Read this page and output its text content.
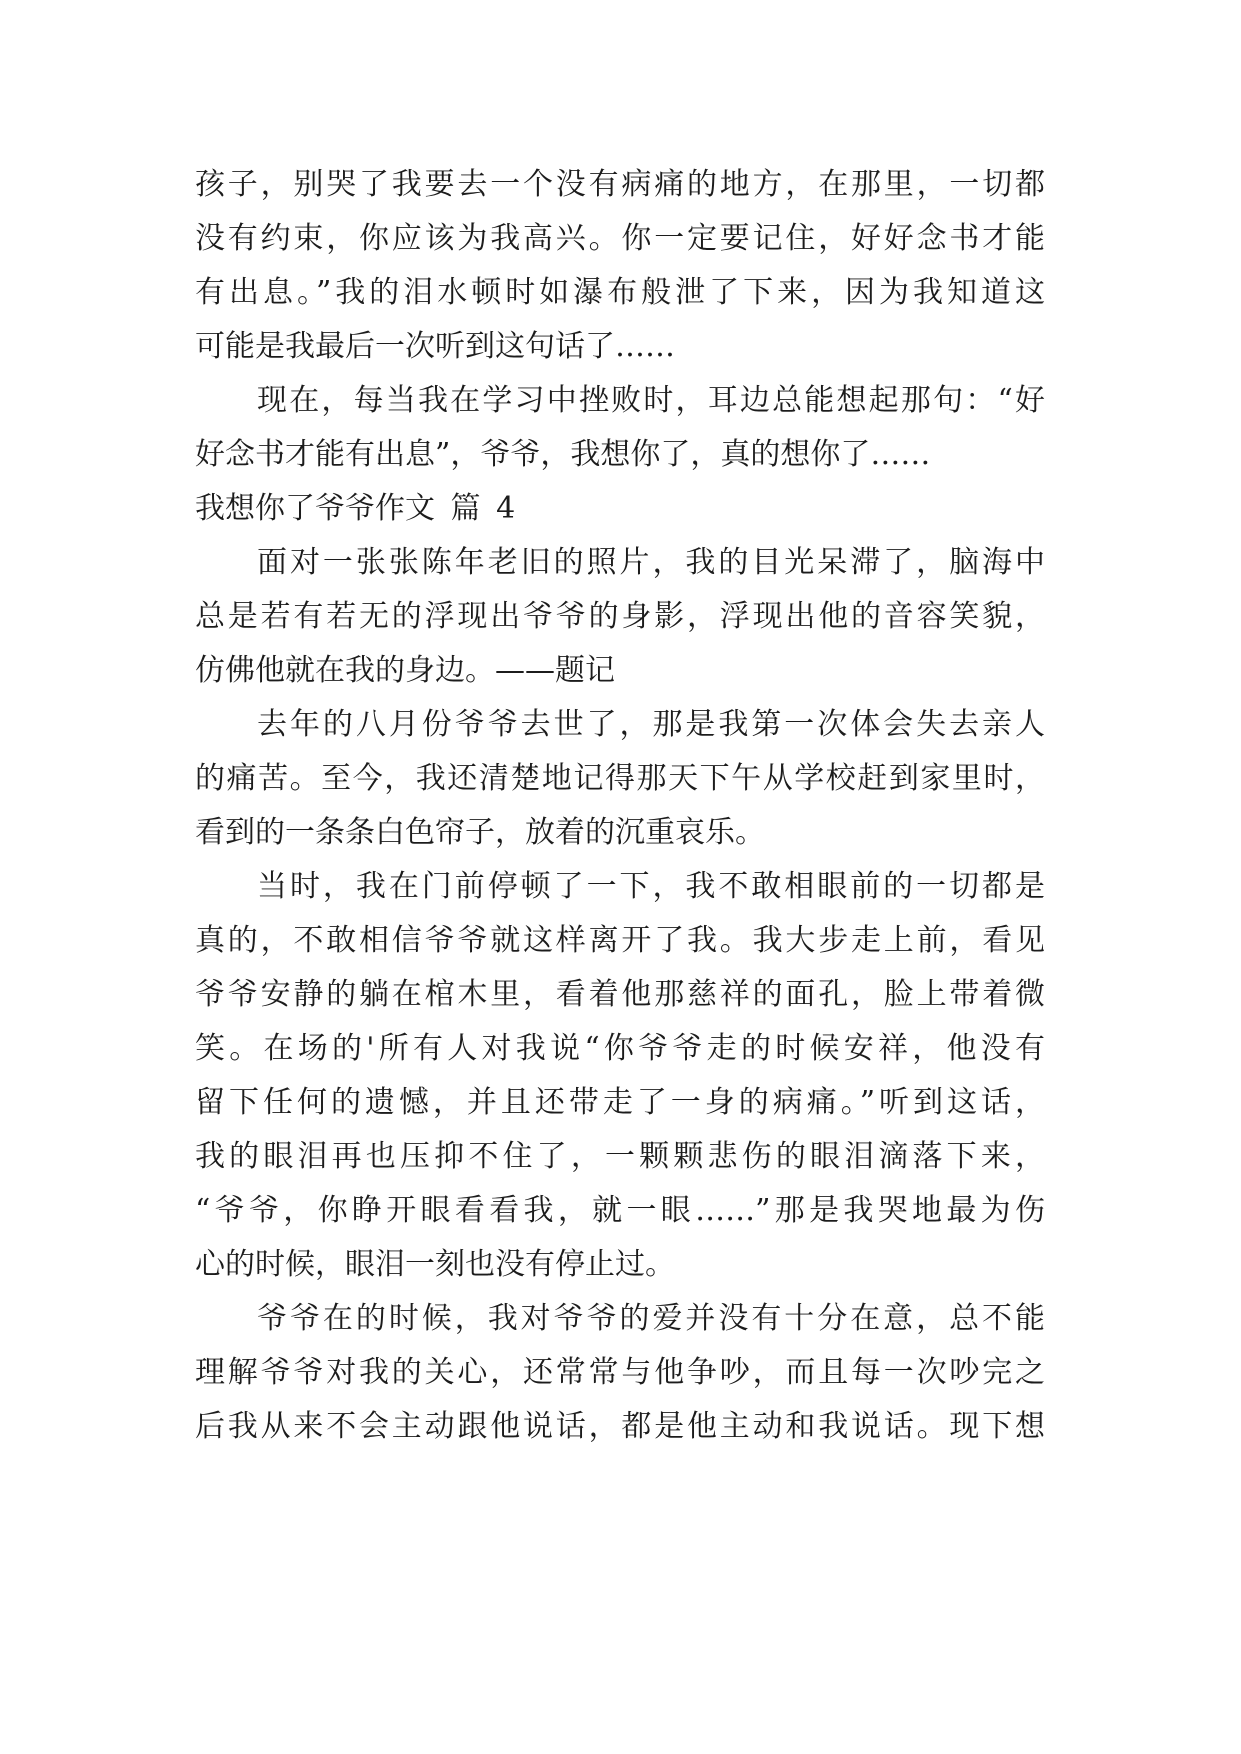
孩子，别哭了我要去一个没有病痛的地方，在那里，一切都
没有约束，你应该为我高兴。你一定要记住，好好念书才能
有出息。”我的泪水顿时如瀑布般泄了下来，因为我知道这
可能是我最后一次听到这句话了……
现在，每当我在学习中挫败时，耳边总能想起那句：“好
好念书才能有出息”，爷爷，我想你了，真的想你了……
我想你了爷爷作文 篇 4
面对一张张陈年老旧的照片，我的目光呆滞了，脑海中
总是若有若无的浮现出爷爷的身影，浮现出他的音容笑貌，
仿佛他就在我的身边。——题记
去年的八月份爷爷去世了，那是我第一次体会失去亲人
的痛苦。至今，我还清楚地记得那天下午从学校赶到家里时，
看到的一条条白色帘子，放着的沉重哀乐。
当时，我在门前停顿了一下，我不敢相眼前的一切都是
真的，不敢相信爷爷就这样离开了我。我大步走上前，看见
爷爷安静的躺在棺木里，看着他那慈祥的面孔，脸上带着微
笑。在场的'所有人对我说“你爷爷走的时候安祥，他没有
留下任何的遗憾，并且还带走了一身的病痛。”听到这话，
我的眼泪再也压抑不住了，一颗颗悲伤的眼泪滴落下来，
“爷爷，你睁开眼看看我，就一眼……”那是我哭地最为伤
心的时候，眼泪一刻也没有停止过。
爷爷在的时候，我对爷爷的爱并没有十分在意，总不能
理解爷爷对我的关心，还常常与他争吵，而且每一次吵完之
后我从来不会主动跟他说话，都是他主动和我说话。现下想
